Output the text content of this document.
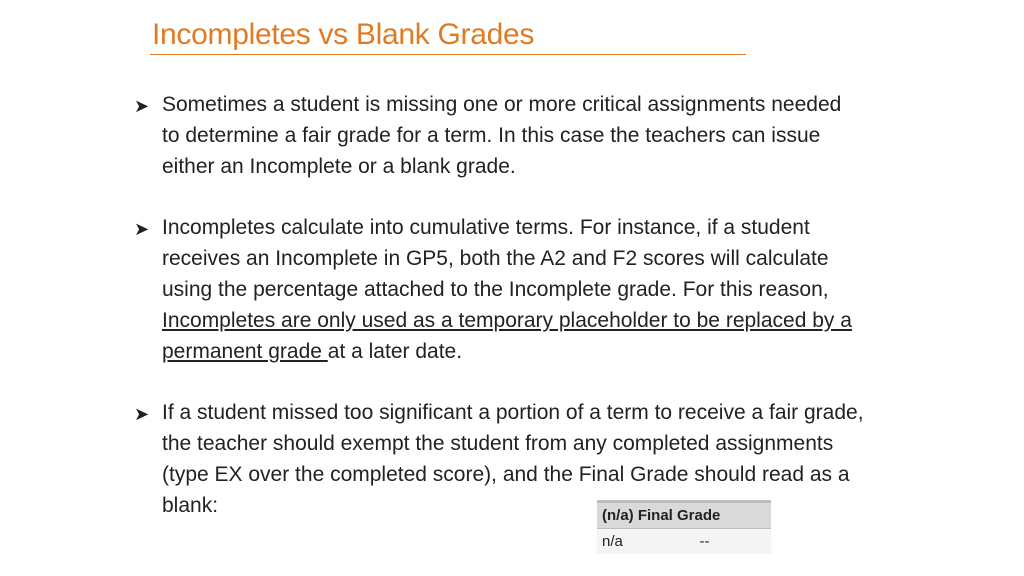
Incompletes vs Blank Grades
➤ Sometimes a student is missing one or more critical assignments needed to determine a fair grade for a term. In this case the teachers can issue either an Incomplete or a blank grade.
➤ Incompletes calculate into cumulative terms. For instance, if a student receives an Incomplete in GP5, both the A2 and F2 scores will calculate using the percentage attached to the Incomplete grade. For this reason, Incompletes are only used as a temporary placeholder to be replaced by a permanent grade at a later date.
➤ If a student missed too significant a portion of a term to receive a fair grade, the teacher should exempt the student from any completed assignments (type EX over the completed score), and the Final Grade should read as a blank:	(n/a) Final Grade
n/a	--
